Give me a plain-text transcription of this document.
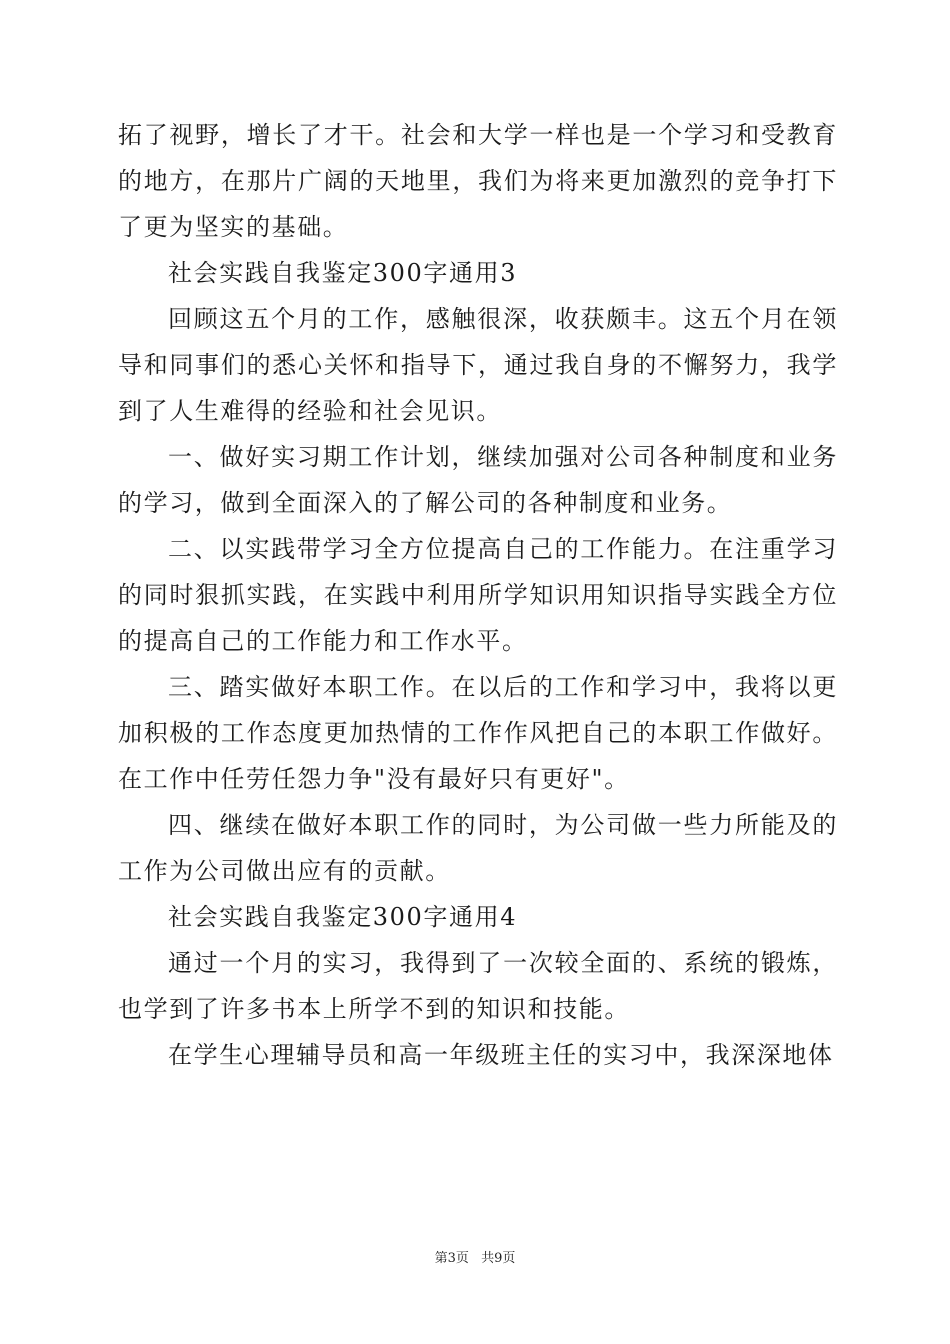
拓了视野，增长了才干。社会和大学一样也是一个学习和受教育的地方，在那片广阔的天地里，我们为将来更加激烈的竞争打下了更为坚实的基础。

社会实践自我鉴定300字通用3

回顾这五个月的工作，感触很深，收获颇丰。这五个月在领导和同事们的悉心关怀和指导下，通过我自身的不懈努力，我学到了人生难得的经验和社会见识。

一、做好实习期工作计划，继续加强对公司各种制度和业务的学习，做到全面深入的了解公司的各种制度和业务。

二、以实践带学习全方位提高自己的工作能力。在注重学习的同时狠抓实践，在实践中利用所学知识用知识指导实践全方位的提高自己的工作能力和工作水平。

三、踏实做好本职工作。在以后的工作和学习中，我将以更加积极的工作态度更加热情的工作作风把自己的本职工作做好。在工作中任劳任怨力争"没有最好只有更好"。

四、继续在做好本职工作的同时，为公司做一些力所能及的工作为公司做出应有的贡献。

社会实践自我鉴定300字通用4

通过一个月的实习，我得到了一次较全面的、系统的锻炼，也学到了许多书本上所学不到的知识和技能。

在学生心理辅导员和高一年级班主任的实习中，我深深地体

第3页 共9页
